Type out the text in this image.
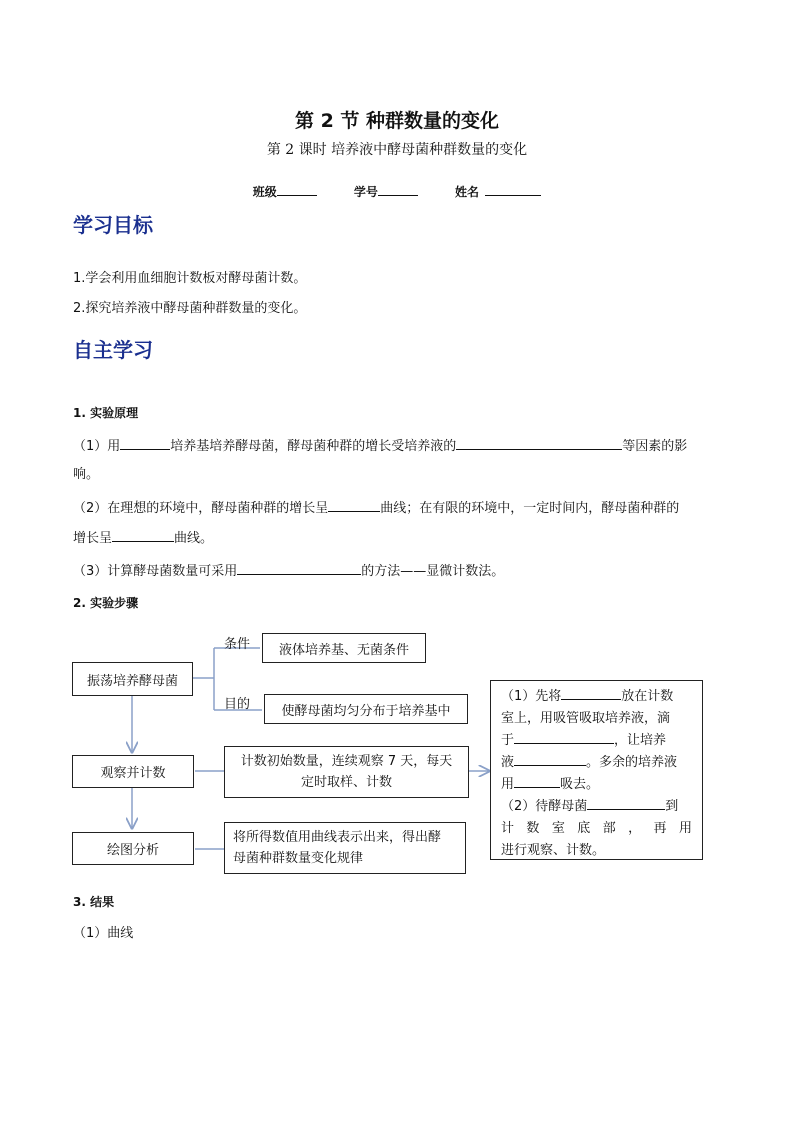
第 2 节 种群数量的变化
第 2 课时 培养液中酵母菌种群数量的变化
班级	学号	姓名
学习目标
1.学会利用血细胞计数板对酵母菌计数。
2.探究培养液中酵母菌种群数量的变化。
自主学习
1. 实验原理
（1）用	培养基培养酵母菌，酵母菌种群的增长受培养液的	等因素的影
响。
（2）在理想的环境中，酵母菌种群的增长呈	曲线；在有限的环境中，一定时间内，酵母菌种群的
增长呈	曲线。
（3）计算酵母菌数量可采用	的方法——显微计数法。
2. 实验步骤
振荡培养酵母菌
条件	液体培养基、无菌条件
目的	使酵母菌均匀分布于培养基中
观察并计数
计数初始数量，连续观察 7 天，每天
定时取样、计数
绘图分析
将所得数值用曲线表示出来，得出酵
母菌种群数量变化规律
（1）先将	放在计数
室上，用吸管吸取培养液，滴
于	，让培养
液	。多余的培养液
用	吸去。
（2）待酵母菌	到
计 数 室 底 部 ， 再 用
进行观察、计数。
3. 结果
（1）曲线
